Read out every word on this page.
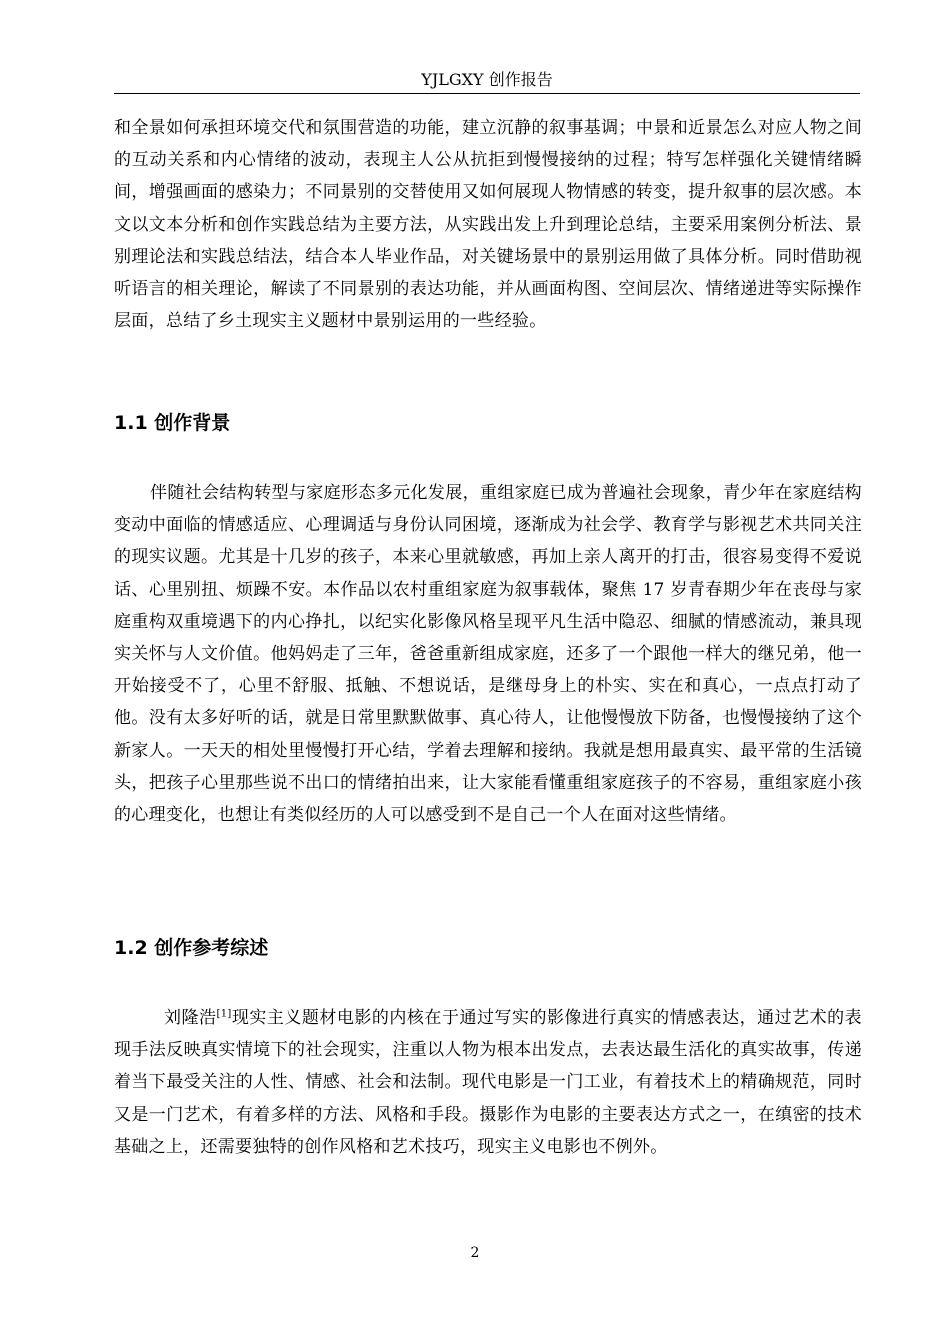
YJLGXY 创作报告

和全景如何承担环境交代和氛围营造的功能，建立沉静的叙事基调；中景和近景怎么对应人物之间的互动关系和内心情绪的波动，表现主人公从抗拒到慢慢接纳的过程；特写怎样强化关键情绪瞬间，增强画面的感染力；不同景别的交替使用又如何展现人物情感的转变，提升叙事的层次感。本文以文本分析和创作实践总结为主要方法，从实践出发上升到理论总结，主要采用案例分析法、景别理论法和实践总结法，结合本人毕业作品，对关键场景中的景别运用做了具体分析。同时借助视听语言的相关理论，解读了不同景别的表达功能，并从画面构图、空间层次、情绪递进等实际操作层面，总结了乡土现实主义题材中景别运用的一些经验。

1.1 创作背景

伴随社会结构转型与家庭形态多元化发展，重组家庭已成为普遍社会现象，青少年在家庭结构变动中面临的情感适应、心理调适与身份认同困境，逐渐成为社会学、教育学与影视艺术共同关注的现实议题。尤其是十几岁的孩子，本来心里就敏感，再加上亲人离开的打击，很容易变得不爱说话、心里别扭、烦躁不安。本作品以农村重组家庭为叙事载体，聚焦 17 岁青春期少年在丧母与家庭重构双重境遇下的内心挣扎，以纪实化影像风格呈现平凡生活中隐忍、细腻的情感流动，兼具现实关怀与人文价值。他妈妈走了三年，爸爸重新组成家庭，还多了一个跟他一样大的继兄弟，他一开始接受不了，心里不舒服、抵触、不想说话，是继母身上的朴实、实在和真心，一点点打动了他。没有太多好听的话，就是日常里默默做事、真心待人，让他慢慢放下防备，也慢慢接纳了这个新家人。一天天的相处里慢慢打开心结，学着去理解和接纳。我就是想用最真实、最平常的生活镜头，把孩子心里那些说不出口的情绪拍出来，让大家能看懂重组家庭孩子的不容易，重组家庭小孩的心理变化，也想让有类似经历的人可以感受到不是自己一个人在面对这些情绪。

1.2 创作参考综述

刘隆浩[1]现实主义题材电影的内核在于通过写实的影像进行真实的情感表达，通过艺术的表现手法反映真实情境下的社会现实，注重以人物为根本出发点，去表达最生活化的真实故事，传递着当下最受关注的人性、情感、社会和法制。现代电影是一门工业，有着技术上的精确规范，同时又是一门艺术，有着多样的方法、风格和手段。摄影作为电影的主要表达方式之一，在缜密的技术基础之上，还需要独特的创作风格和艺术技巧，现实主义电影也不例外。

2
